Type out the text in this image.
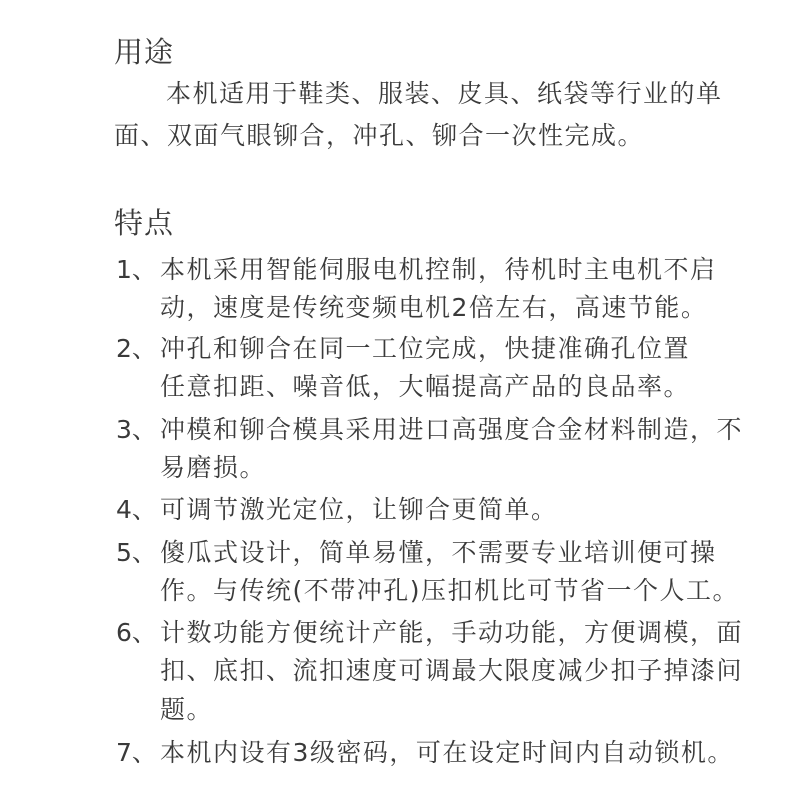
用途
本机适用于鞋类、服装、皮具、纸袋等行业的单
面、双面气眼铆合，冲孔、铆合一次性完成。
特点
1、 本机采用智能伺服电机控制，待机时主电机不启
动，速度是传统变频电机2倍左右，高速节能。
2、 冲孔和铆合在同一工位完成，快捷准确孔位置
任意扣距、噪音低，大幅提高产品的良品率。
3、 冲模和铆合模具采用进口高强度合金材料制造，不
易磨损。
4、 可调节激光定位，让铆合更简单。
5、 傻瓜式设计，简单易懂，不需要专业培训便可操
作。与传统(不带冲孔)压扣机比可节省一个人工。
6、 计数功能方便统计产能，手动功能，方便调模，面
扣、底扣、流扣速度可调最大限度减少扣子掉漆问
题。
7、 本机内设有3级密码，可在设定时间内自动锁机。
